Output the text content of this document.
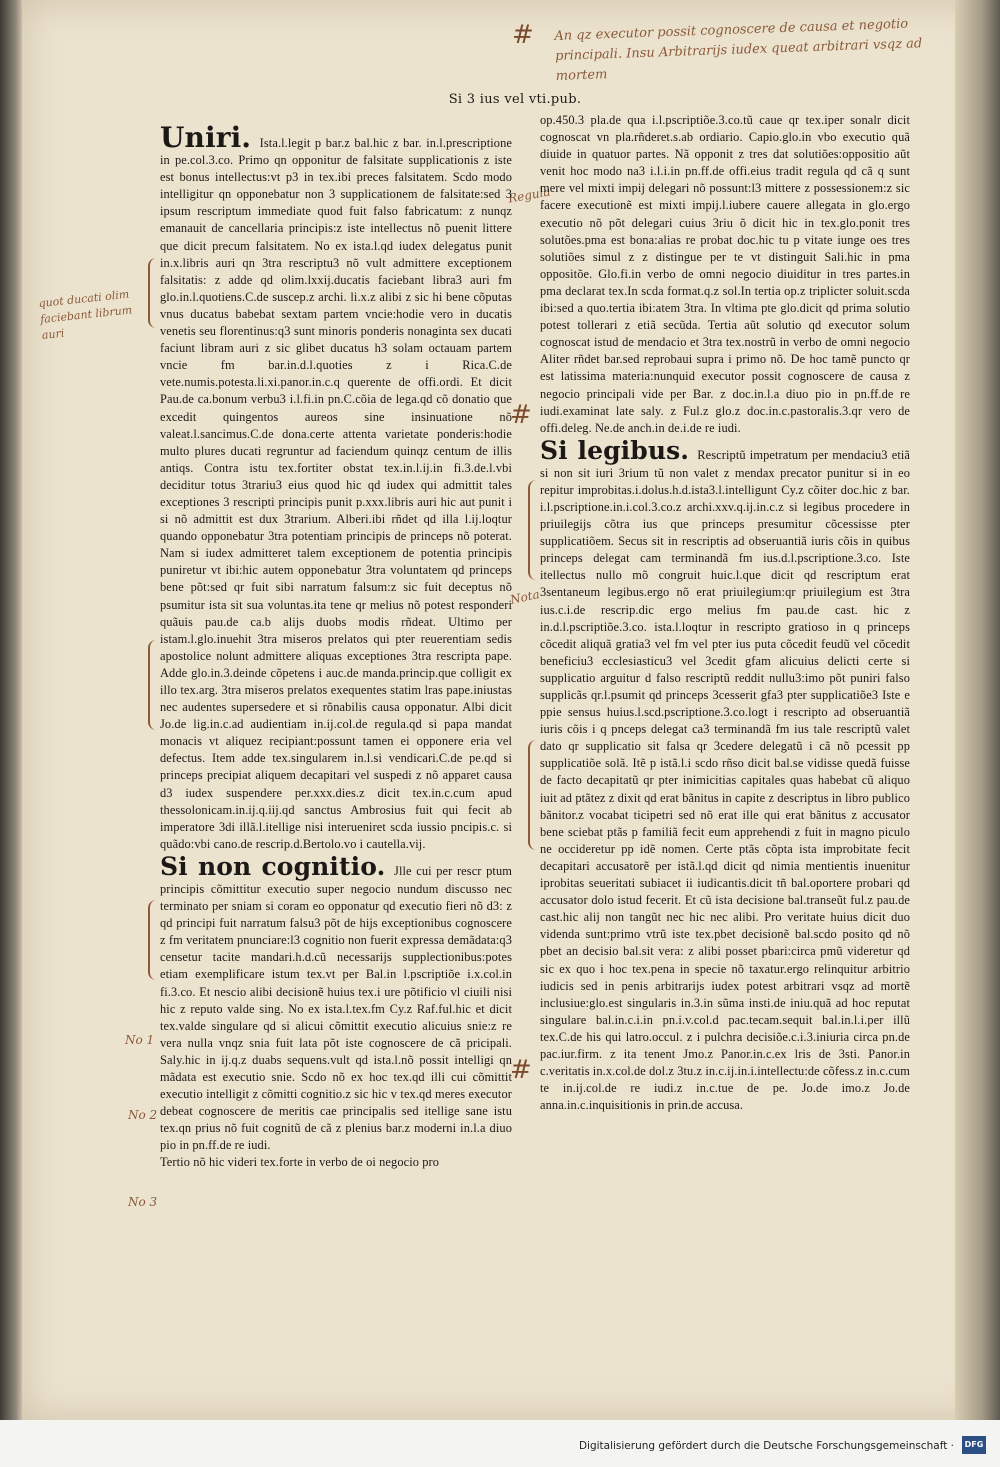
Si 3 ius vel vti.pub.
An qz executor possit cognoscere de causa et negotio principali. Insu Arbitrarijs iudex queat arbitrari vsqz ad mortem
quot ducati olim faciebant librum auri
Regula
Nota
No 1
No 2
No 3
#
#
#

Uniri. Ista.l.legit p bar.z bal.hic z bar. in.l.prescriptione in pe.col.3.co. Primo qn opponitur de falsitate supplicationis z iste est bonus intellectus:vt p3 in tex.ibi preces falsitatem. Scdo modo intelligitur qn opponebatur non 3 supplicationem de falsitate:sed 3 ipsum rescriptum immediate quod fuit falso fabricatum: z nunqz emanauit de cancellaria principis:z iste intellectus nõ puenit littere que dicit precum falsitatem. No ex ista.l.qd iudex delegatus punit in.x.libris auri qn 3tra rescriptu3 nõ vult admittere exceptionem falsitatis: z adde qd olim.lxxij.ducatis faciebant libra3 auri fm glo.in.l.quotiens.C.de suscep.z archi. li.x.z alibi z sic hi bene cõputas vnus ducatus babebat sextam partem vncie:hodie vero in ducatis venetis seu florentinus:q3 sunt minoris ponderis nonaginta sex ducati faciunt libram auri z sic glibet ducatus h3 solam octauam partem vncie fm bar.in.d.l.quoties z i Rica.C.de vete.numis.potesta.li.xi.panor.in.c.q querente de offi.ordi. Et dicit Pau.de ca.bonum verbu3 i.l.fi.in pn.C.cõia de lega.qd cõ donatio que excedit quingentos aureos sine insinuatione nõ valeat.l.sancimus.C.de dona.certe attenta varietate ponderis:hodie multo plures ducati regruntur ad faciendum quinqz centum de illis antiqs. Contra istu tex.fortiter obstat tex.in.l.ij.in fi.3.de.l.vbi deciditur totus 3trariu3 eius quod hic qd iudex qui admittit tales exceptiones 3 rescripti principis punit p.xxx.libris auri hic aut punit i si nõ admittit est dux 3trarium. Alberi.ibi rñdet qd illa l.ij.loqtur quando opponebatur 3tra potentiam principis de princeps nõ poterat. Nam si iudex admitteret talem exceptionem de potentia principis puniretur vt ibi:hic autem opponebatur 3tra voluntatem qd princeps bene põt:sed qr fuit sibi narratum falsum:z sic fuit deceptus nõ psumitur ista sit sua voluntas.ita tene qr melius nõ potest responderi quãuis pau.de ca.b alijs duobs modis rñdeat. Ultimo per istam.l.glo.inuehit 3tra miseros prelatos qui pter reuerentiam sedis apostolice nolunt admittere aliquas exceptiones 3tra rescripta pape. Adde glo.in.3.deinde cõpetens i auc.de manda.princip.que colligit ex illo tex.arg. 3tra miseros prelatos exequentes statim lras pape.iniustas nec audentes supersedere et si rõnabilis causa opponatur. Albi dicit Jo.de lig.in.c.ad audientiam in.ij.col.de regula.qd si papa mandat monacis vt aliquez recipiant:possunt tamen ei opponere eria vel defectus. Item adde tex.singularem in.l.si vendicari.C.de pe.qd si princeps precipiat aliquem decapitari vel suspedi z nõ apparet causa d3 iudex suspendere per.xxx.dies.z dicit tex.in.c.cum apud thessolonicam.in.ij.q.iij.qd sanctus Ambrosius fuit qui fecit ab imperatore 3di illã.l.itellige nisi interueniret scda iussio pncipis.c. si quãdo:vbi cano.de rescrip.d.Bertolo.vo i cautella.vij.

Si non cognitio. Jlle cui per rescr ptum principis cõmittitur executio super negocio nundum discusso nec terminato per sniam si coram eo opponatur qd executio fieri nõ d3: z qd principi fuit narratum falsu3 põt de hijs exceptionibus cognoscere z fm veritatem pnunciare:l3 cognitio non fuerit expressa demãdata:q3 censetur tacite mandari.h.d.cũ necessarijs supplectionibus:potes etiam exemplificare istum tex.vt per Bal.in l.pscriptiõe i.x.col.in fi.3.co. Et nescio alibi decisionẽ huius tex.i ure põtificio vl ciuili nisi hic z reputo valde sing. No ex ista.l.tex.fm Cy.z Raf.ful.hic et dicit tex.valde singulare qd si alicui cõmittit executio alicuius snie:z re vera nulla vnqz snia fuit lata põt iste cognoscere de cã pricipali. Saly.hic in ij.q.z duabs sequens.vult qd ista.l.nõ possit intelligi qn mãdata est executio snie. Scdo nõ ex hoc tex.qd illi cui cõmittit executio intelligit z cõmitti cognitio.z sic hic v tex.qd meres executor debeat cognoscere de meritis cae principalis sed itellige sane istu tex.qn prius nõ fuit cognitũ de cã z plenius bar.z moderni in.l.a diuo pio in pn.ff.de re iudi.

Tertio nõ hic videri tex.forte in verbo de oi negocio pro

op.450.3 pla.de qua i.l.pscriptiõe.3.co.tũ caue qr tex.iper sonalr dicit cognoscat vn pla.rñderet.s.ab ordiario. Capio.glo.in vbo executio quã diuide in quatuor partes. Nã opponit z tres dat solutiões:oppositio aũt venit hoc modo na3 i.l.i.in pn.ff.de offi.eius tradit regula qd cã q sunt mere vel mixti impij delegari nõ possunt:l3 mittere z possessionem:z sic facere executionẽ est mixti impij.l.iubere cauere allegata in glo.ergo executio nõ põt delegari cuius 3riu õ dicit hic in tex.glo.ponit tres solutões.pma est bona:alias re probat doc.hic tu p vitate iunge oes tres solutiões simul z z distingue per te vt distinguit Sali.hic in pma oppositõe. Glo.fi.in verbo de omni negocio diuiditur in tres partes.in pma declarat tex.In scda format.q.z sol.In tertia op.z triplicter soluit.scda ibi:sed a quo.tertia ibi:atem 3tra. In vltima pte glo.dicit qd prima solutio potest tollerari z etiã secũda. Tertia aũt solutio qd executor solum cognoscat istud de mendacio et 3tra tex.nostrũ in verbo de omni negocio Aliter rñdet bar.sed reprobaui supra i primo nõ. De hoc tamẽ puncto qr est latissima materia:nunquid executor possit cognoscere de causa z negocio principali vide per Bar. z doc.in.l.a diuo pio in pn.ff.de re iudi.examinat late saly. z Ful.z glo.z doc.in.c.pastoralis.3.qr vero de offi.deleg. Ne.de anch.in de.i.de re iudi.

Si legibus. Rescriptũ impetratum per mendaciu3 etiã si non sit iuri 3rium tũ non valet z mendax precator punitur si in eo repitur improbitas.i.dolus.h.d.ista3.l.intelligunt Cy.z cõiter doc.hic z bar. i.l.pscriptione.in.i.col.3.co.z archi.xxv.q.ij.in.c.z si legibus procedere in priuilegijs cõtra ius que princeps presumitur cõcessisse pter supplicatiõem. Secus sit in rescriptis ad obseruantiã iuris cõis in quibus princeps delegat cam terminandã fm ius.d.l.pscriptione.3.co. Iste itellectus nullo mõ congruit huic.l.que dicit qd rescriptum erat 3sentaneum legibus.ergo nõ erat priuilegium:qr priuilegium est 3tra ius.c.i.de rescrip.dic ergo melius fm pau.de cast. hic z in.d.l.pscriptiõe.3.co. ista.l.loqtur in rescripto gratioso in q princeps cõcedit aliquã gratia3 vel fm vel pter ius puta cõcedit feudũ vel cõcedit beneficiu3 ecclesiasticu3 vel 3cedit gfam alicuius delicti certe si supplicatio arguitur d falso rescriptũ reddit nullu3:imo põt puniri falso supplicãs qr.l.psumit qd princeps 3cesserit gfa3 pter supplicatiõe3 Iste e ppie sensus huius.l.scd.pscriptione.3.co.logt i rescripto ad obseruantiã iuris cõis i q pnceps delegat ca3 terminandã fm ius tale rescriptũ valet dato qr supplicatio sit falsa qr 3cedere delegatũ i cã nõ pcessit pp supplicatiõe solã. Itẽ p istã.l.i scdo rñso dicit bal.se vidisse quedã fuisse de facto decapitatũ qr pter inimicitias capitales quas habebat cũ aliquo iuit ad ptãtez z dixit qd erat bãnitus in capite z descriptus in libro publico bãnitor.z vocabat ticipetri sed nõ erat ille qui erat bãnitus z accusator bene sciebat ptãs p familiã fecit eum apprehendi z fuit in magno piculo ne occideretur pp idẽ nomen. Certe ptãs cõpta ista improbitate fecit decapitari accusatorẽ per istã.l.qd dicit qd nimia mentientis inuenitur iprobitas seueritati subiacet ii iudicantis.dicit tñ bal.oportere probari qd accusator dolo istud fecerit. Et cũ ista decisione bal.transeũt ful.z pau.de cast.hic alij non tangũt nec hic nec alibi. Pro veritate huius dicit duo videnda sunt:primo vtrũ iste tex.pbet decisionẽ bal.scdo posito qd nõ pbet an decisio bal.sit vera: z alibi posset pbari:circa pmũ videretur qd sic ex quo i hoc tex.pena in specie nõ taxatur.ergo relinquitur arbitrio iudicis sed in penis arbitrarijs iudex potest arbitrari vsqz ad mortẽ inclusiue:glo.est singularis in.3.in sũma insti.de iniu.quã ad hoc reputat singulare bal.in.c.i.in pn.i.v.col.d pac.tecam.sequit bal.in.l.i.per illũ tex.C.de his qui latro.occul. z i pulchra decisiõe.c.i.3.iniuria circa pn.de pac.iur.firm. z ita tenent Jmo.z Panor.in.c.ex lris de 3sti. Panor.in c.veritatis in.x.col.de dol.z 3tu.z in.c.ij.in.i.intellectu:de cõfess.z in.c.cum te in.ij.col.de re iudi.z in.c.tue de pe. Jo.de imo.z Jo.de anna.in.c.inquisitionis in prin.de accusa.

Digitalisierung gefördert durch die Deutsche Forschungsgemeinschaft ·	DFG
